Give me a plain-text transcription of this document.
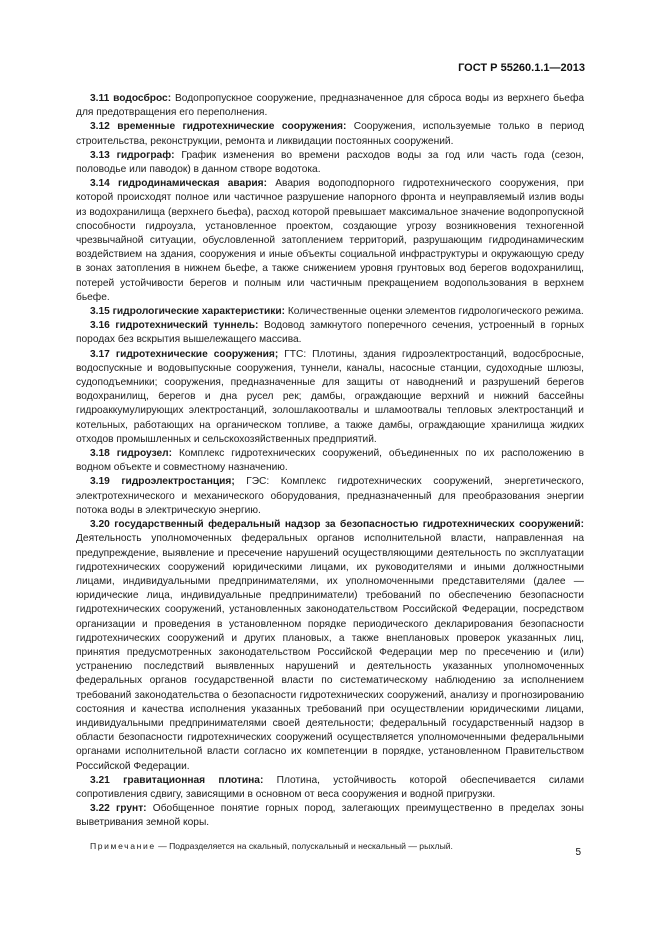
ГОСТ Р 55260.1.1—2013

3.11 водосброс: Водопропускное сооружение, предназначенное для сброса воды из верхнего бьефа для предотвращения его переполнения.

3.12 временные гидротехнические сооружения: Сооружения, используемые только в период строительства, реконструкции, ремонта и ликвидации постоянных сооружений.

3.13 гидрограф: График изменения во времени расходов воды за год или часть года (сезон, половодье или паводок) в данном створе водотока.

3.14 гидродинамическая авария: Авария водоподпорного гидротехнического сооружения, при которой происходят полное или частичное разрушение напорного фронта и неуправляемый излив воды из водохранилища (верхнего бьефа), расход которой превышает максимальное значение водопропускной способности гидроузла, установленное проектом, создающие угрозу возникновения техногенной чрезвычайной ситуации, обусловленной затоплением территорий, разрушающим гидродинамическим воздействием на здания, сооружения и иные объекты социальной инфраструктуры и окружающую среду в зонах затопления в нижнем бьефе, а также снижением уровня грунтовых вод берегов водохранилищ, потерей устойчивости берегов и полным или частичным прекращением водопользования в верхнем бьефе.

3.15 гидрологические характеристики: Количественные оценки элементов гидрологического режима.

3.16 гидротехнический туннель: Водовод замкнутого поперечного сечения, устроенный в горных породах без вскрытия вышележащего массива.

3.17 гидротехнические сооружения; ГТС: Плотины, здания гидроэлектростанций, водосбросные, водоспускные и водовыпускные сооружения, туннели, каналы, насосные станции, судоходные шлюзы, судоподъемники; сооружения, предназначенные для защиты от наводнений и разрушений берегов водохранилищ, берегов и дна русел рек; дамбы, ограждающие верхний и нижний бассейны гидроаккумулирующих электростанций, золошлакоотвалы и шламоотвалы тепловых электростанций и котельных, работающих на органическом топливе, а также дамбы, ограждающие хранилища жидких отходов промышленных и сельскохозяйственных предприятий.

3.18 гидроузел: Комплекс гидротехнических сооружений, объединенных по их расположению в водном объекте и совместному назначению.

3.19 гидроэлектростанция; ГЭС: Комплекс гидротехнических сооружений, энергетического, электротехнического и механического оборудования, предназначенный для преобразования энергии потока воды в электрическую энергию.

3.20 государственный федеральный надзор за безопасностью гидротехнических сооружений: Деятельность уполномоченных федеральных органов исполнительной власти, направленная на предупреждение, выявление и пресечение нарушений осуществляющими деятельность по эксплуатации гидротехнических сооружений юридическими лицами, их руководителями и иными должностными лицами, индивидуальными предпринимателями, их уполномоченными представителями (далее — юридические лица, индивидуальные предприниматели) требований по обеспечению безопасности гидротехнических сооружений, установленных законодательством Российской Федерации, посредством организации и проведения в установленном порядке периодического декларирования безопасности гидротехнических сооружений и других плановых, а также внеплановых проверок указанных лиц, принятия предусмотренных законодательством Российской Федерации мер по пресечению и (или) устранению последствий выявленных нарушений и деятельность указанных уполномоченных федеральных органов государственной власти по систематическому наблюдению за исполнением требований законодательства о безопасности гидротехнических сооружений, анализу и прогнозированию состояния и качества исполнения указанных требований при осуществлении юридическими лицами, индивидуальными предпринимателями своей деятельности; федеральный государственный надзор в области безопасности гидротехнических сооружений осуществляется уполномоченными федеральными органами исполнительной власти согласно их компетенции в порядке, установленном Правительством Российской Федерации.

3.21 гравитационная плотина: Плотина, устойчивость которой обеспечивается силами сопротивления сдвигу, зависящими в основном от веса сооружения и водной пригрузки.

3.22 грунт: Обобщенное понятие горных пород, залегающих преимущественно в пределах зоны выветривания земной коры.

Примечание — Подразделяется на скальный, полускальный и нескальный — рыхлый.

5
